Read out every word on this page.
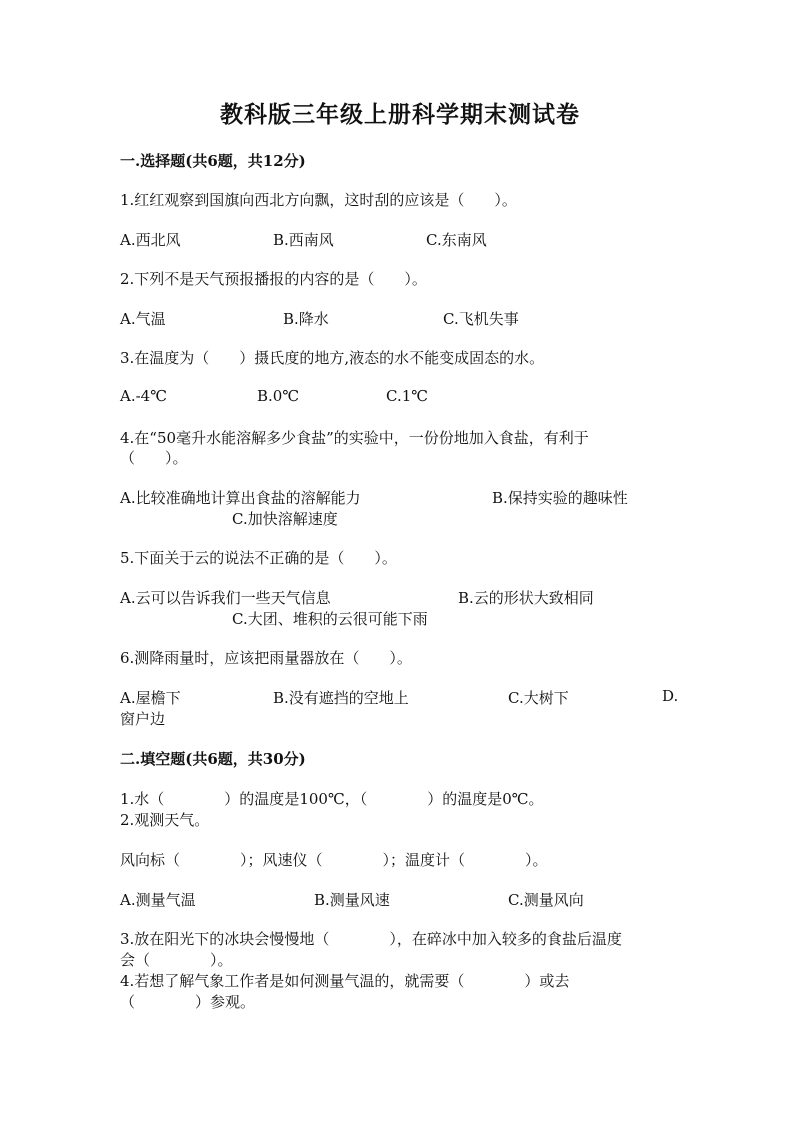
教科版三年级上册科学期末测试卷
一.选择题(共6题，共12分)
1.红红观察到国旗向西北方向飘，这时刮的应该是（　　）。
A.西北风	B.西南风	C.东南风
2.下列不是天气预报播报的内容的是（　　）。
A.气温	B.降水	C.飞机失事
3.在温度为（　　）摄氏度的地方,液态的水不能变成固态的水。
A.-4℃	B.0℃	C.1℃
4.在“50毫升水能溶解多少食盐”的实验中，一份份地加入食盐，有利于
（　　）。
A.比较准确地计算出食盐的溶解能力	B.保持实验的趣味性
C.加快溶解速度
5.下面关于云的说法不正确的是（　　）。
A.云可以告诉我们一些天气信息	B.云的形状大致相同
C.大团、堆积的云很可能下雨
6.测降雨量时，应该把雨量器放在（　　）。
A.屋檐下	B.没有遮挡的空地上	C.大树下	D.
窗户边
二.填空题(共6题，共30分)
1.水（　　　　）的温度是100℃，（　　　　）的温度是0℃。
2.观测天气。
风向标（　　　　）；风速仪（　　　　）；温度计（　　　　）。
A.测量气温	B.测量风速	C.测量风向
3.放在阳光下的冰块会慢慢地（　　　　），在碎冰中加入较多的食盐后温度
会（　　　　）。
4.若想了解气象工作者是如何测量气温的，就需要（　　　　）或去
（　　　　）参观。
